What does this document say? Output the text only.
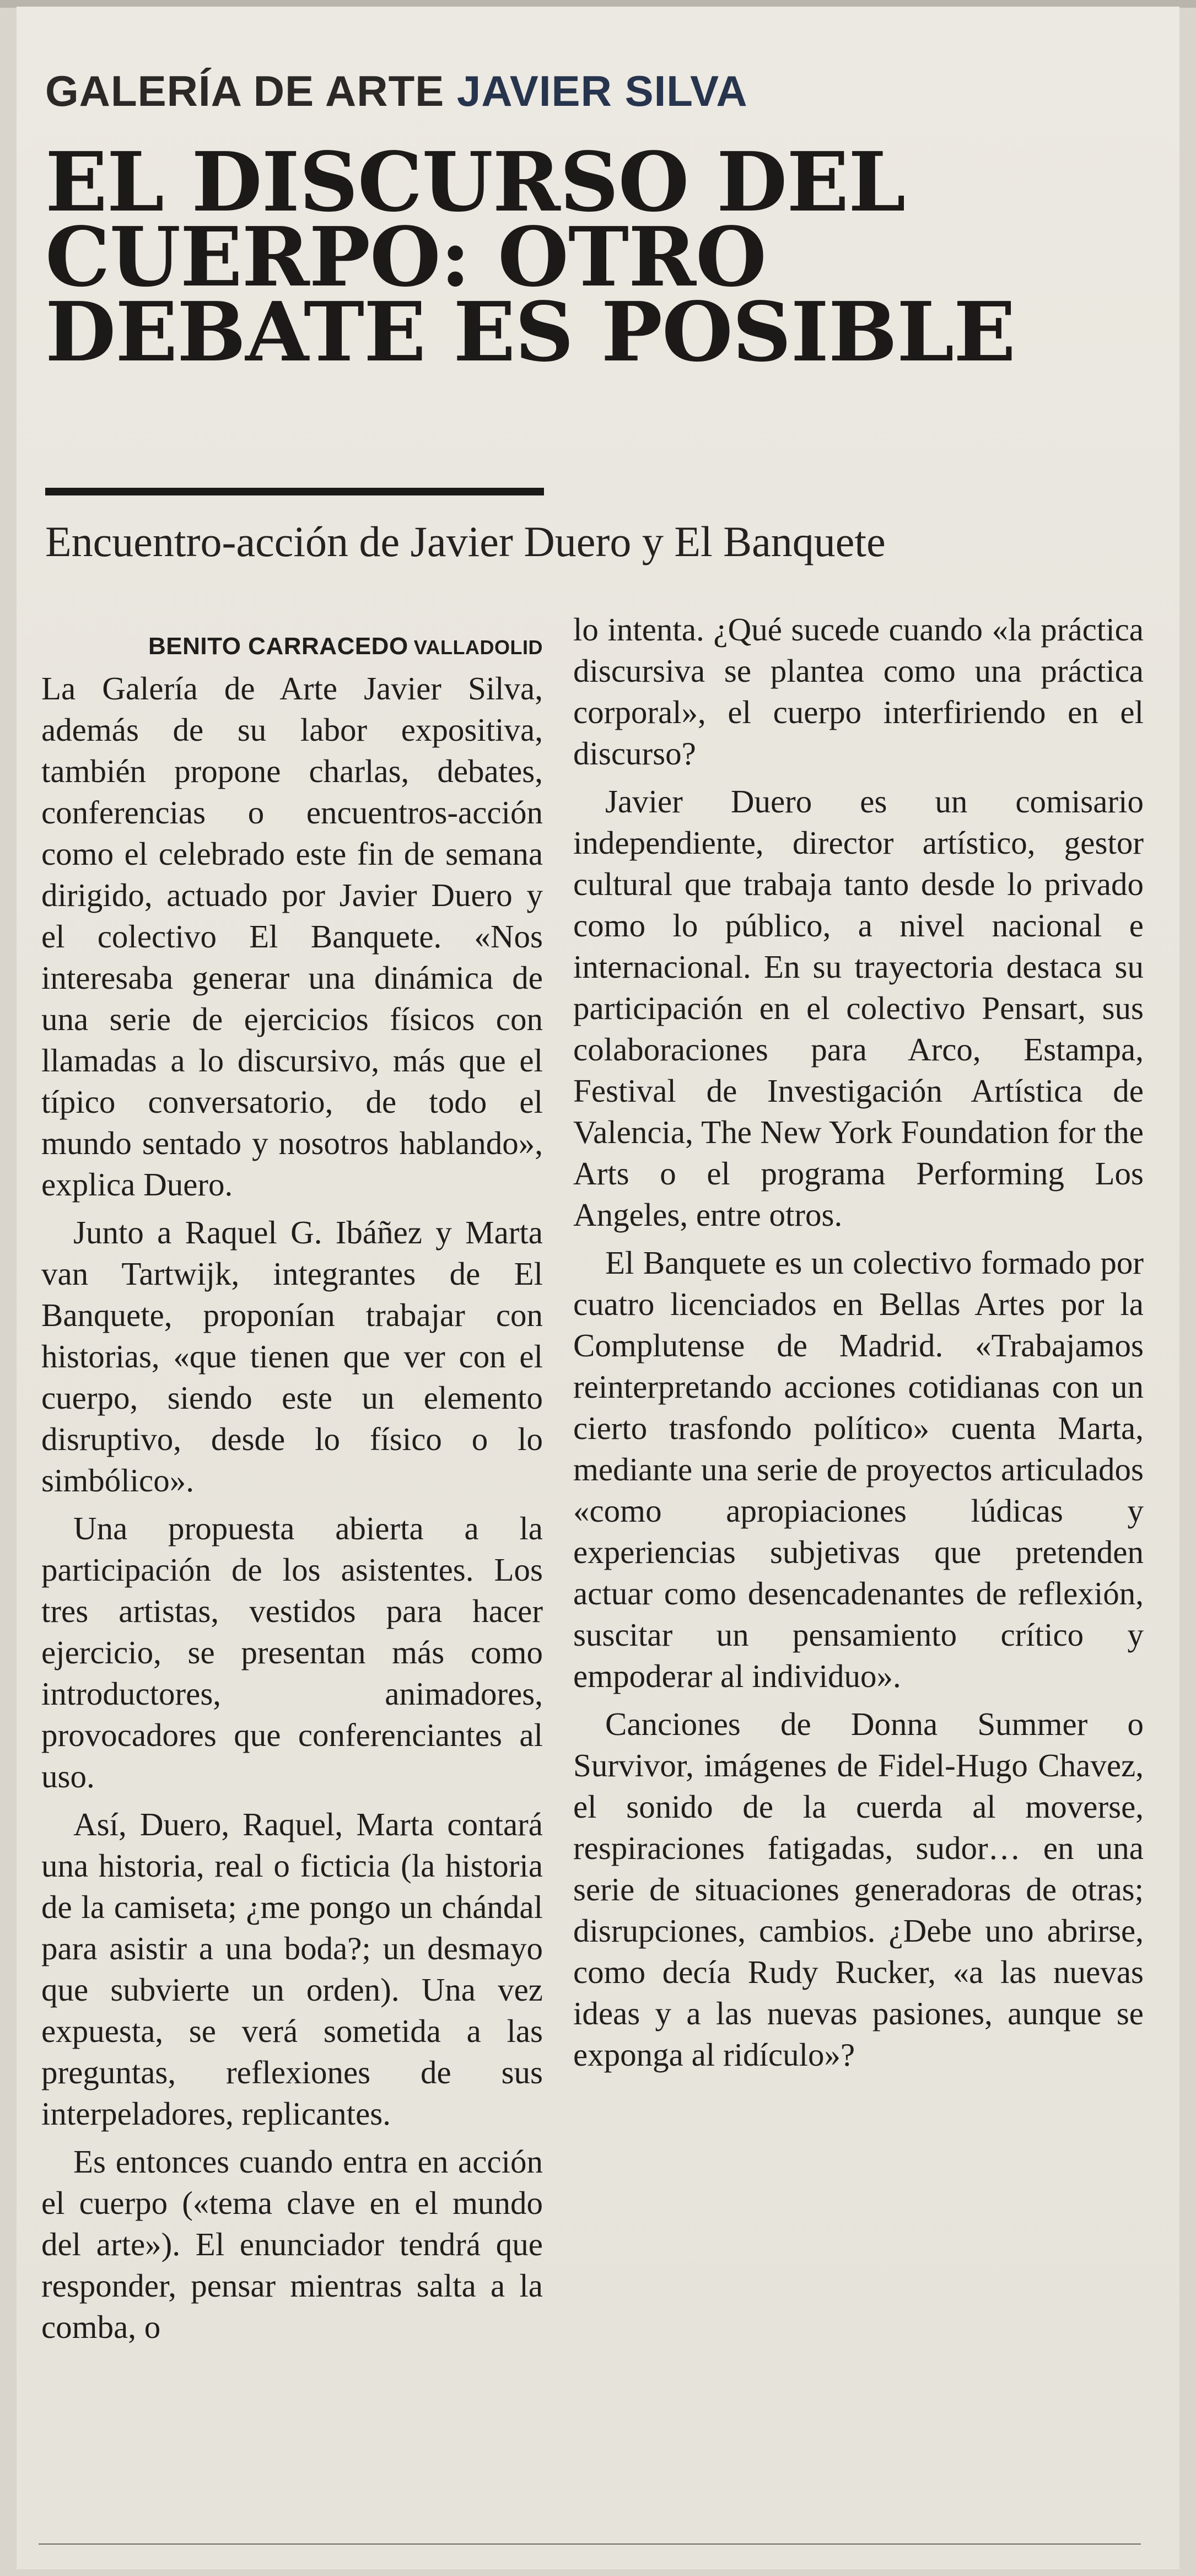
GALERÍA DE ARTE JAVIER SILVA
EL DISCURSO DEL
CUERPO: OTRO
DEBATE ES POSIBLE
Encuentro-acción de Javier Duero y El Banquete
BENITO CARRACEDO VALLADOLID

La Galería de Arte Javier Silva, además de su labor expositiva, también propone charlas, debates, conferencias o encuentros-acción como el celebrado este fin de semana dirigido, actuado por Javier Duero y el colectivo El Banquete. «Nos interesaba generar una dinámica de una serie de ejercicios físicos con llamadas a lo discursivo, más que el típico conversatorio, de todo el mundo sentado y nosotros hablando», explica Duero.

Junto a Raquel G. Ibáñez y Marta van Tartwijk, integrantes de El Banquete, proponían trabajar con historias, «que tienen que ver con el cuerpo, siendo este un elemento disruptivo, desde lo físico o lo simbólico».

Una propuesta abierta a la participación de los asistentes. Los tres artistas, vestidos para hacer ejercicio, se presentan más como introductores, animadores, provocadores que conferenciantes al uso.

Así, Duero, Raquel, Marta contará una historia, real o ficticia (la historia de la camiseta; ¿me pongo un chándal para asistir a una boda?; un desmayo que subvierte un orden). Una vez expuesta, se verá sometida a las preguntas, reflexiones de sus interpeladores, replicantes.

Es entonces cuando entra en acción el cuerpo («tema clave en el mundo del arte»). El enunciador tendrá que responder, pensar mientras salta a la comba, o

lo intenta. ¿Qué sucede cuando «la práctica discursiva se plantea como una práctica corporal», el cuerpo interfiriendo en el discurso?

Javier Duero es un comisario independiente, director artístico, gestor cultural que trabaja tanto desde lo privado como lo público, a nivel nacional e internacional. En su trayectoria destaca su participación en el colectivo Pensart, sus colaboraciones para Arco, Estampa, Festival de Investigación Artística de Valencia, The New York Foundation for the Arts o el programa Performing Los Angeles, entre otros.

El Banquete es un colectivo formado por cuatro licenciados en Bellas Artes por la Complutense de Madrid. «Trabajamos reinterpretando acciones cotidianas con un cierto trasfondo político» cuenta Marta, mediante una serie de proyectos articulados «como apropiaciones lúdicas y experiencias subjetivas que pretenden actuar como desencadenantes de reflexión, suscitar un pensamiento crítico y empoderar al individuo».

Canciones de Donna Summer o Survivor, imágenes de Fidel-Hugo Chavez, el sonido de la cuerda al moverse, respiraciones fatigadas, sudor… en una serie de situaciones generadoras de otras; disrupciones, cambios. ¿Debe uno abrirse, como decía Rudy Rucker, «a las nuevas ideas y a las nuevas pasiones, aunque se exponga al ridículo»?
